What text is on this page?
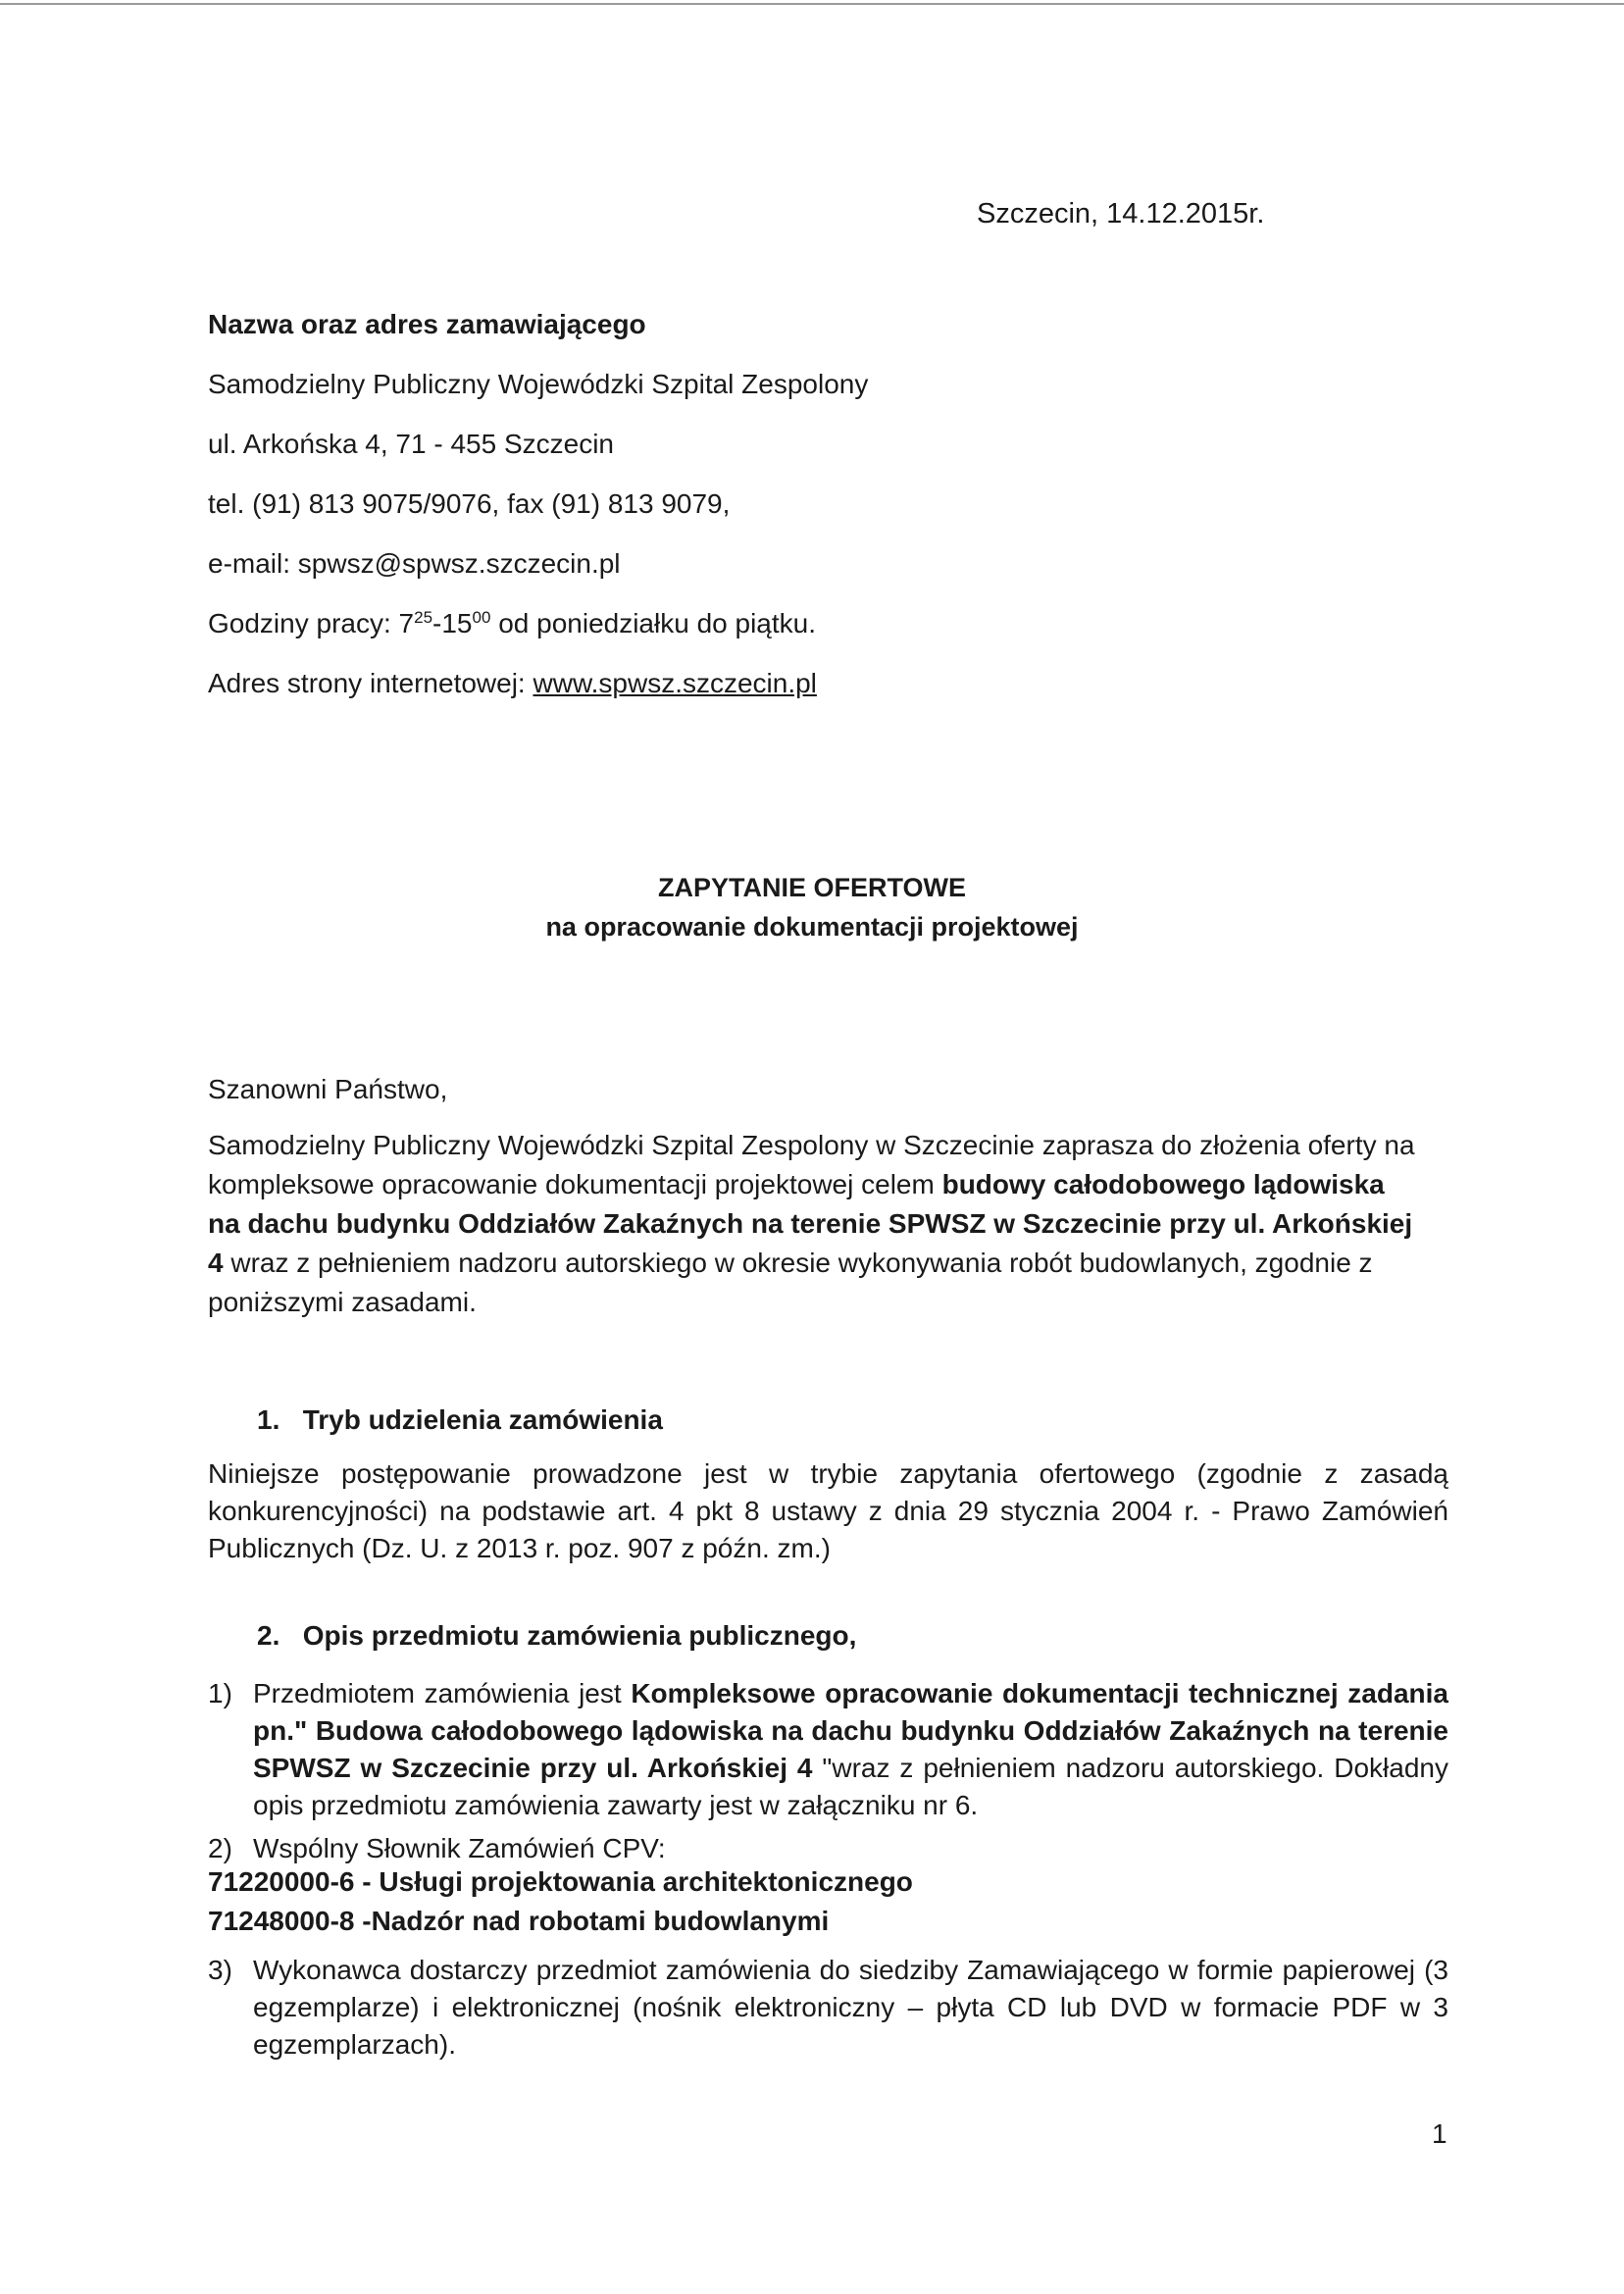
Szczecin, 14.12.2015r.

Nazwa oraz adres zamawiającego
Samodzielny Publiczny Wojewódzki Szpital Zespolony
ul. Arkońska 4, 71 - 455 Szczecin
tel. (91) 813 9075/9076, fax (91) 813 9079,
e-mail: spwsz@spwsz.szczecin.pl
Godziny pracy: $7^{25}-15^{00}$ od poniedziałku do piątku.
Adres strony internetowej: www.spwsz.szczecin.pl
ZAPYTANIE OFERTOWE
na opracowanie dokumentacji projektowej

Szanowni Państwo,

Samodzielny Publiczny Wojewódzki Szpital Zespolony w Szczecinie zaprasza do złożenia oferty na kompleksowe opracowanie dokumentacji projektowej celem budowy całodobowego lądowiska na dachu budynku Oddziałów Zakaźnych na terenie SPWSZ w Szczecinie przy ul. Arkońskiej 4 wraz z pełnieniem nadzoru autorskiego w okresie wykonywania robót budowlanych, zgodnie z poniższymi zasadami.

1.   Tryb udzielenia zamówienia

Niniejsze postępowanie prowadzone jest w trybie zapytania ofertowego (zgodnie z zasadą konkurencyjności) na podstawie art. 4 pkt 8 ustawy z dnia 29 stycznia 2004 r. - Prawo Zamówień Publicznych (Dz. U. z 2013 r. poz. 907 z późn. zm.)

2.   Opis przedmiotu zamówienia publicznego,

1) Przedmiotem zamówienia jest Kompleksowe opracowanie dokumentacji technicznej zadania pn." Budowa całodobowego lądowiska na dachu budynku Oddziałów Zakaźnych na terenie SPWSZ w Szczecinie przy ul. Arkońskiej 4 "wraz z pełnieniem nadzoru autorskiego. Dokładny opis przedmiotu zamówienia zawarty jest w załączniku nr 6.
2) Wspólny Słownik Zamówień CPV:

71220000-6 - Usługi projektowania architektonicznego

71248000-8 -Nadzór nad robotami budowlanymi

3) Wykonawca dostarczy przedmiot zamówienia do siedziby Zamawiającego w formie papierowej (3 egzemplarze) i elektronicznej (nośnik elektroniczny – płyta CD lub DVD w formacie PDF w 3 egzemplarzach).

1
